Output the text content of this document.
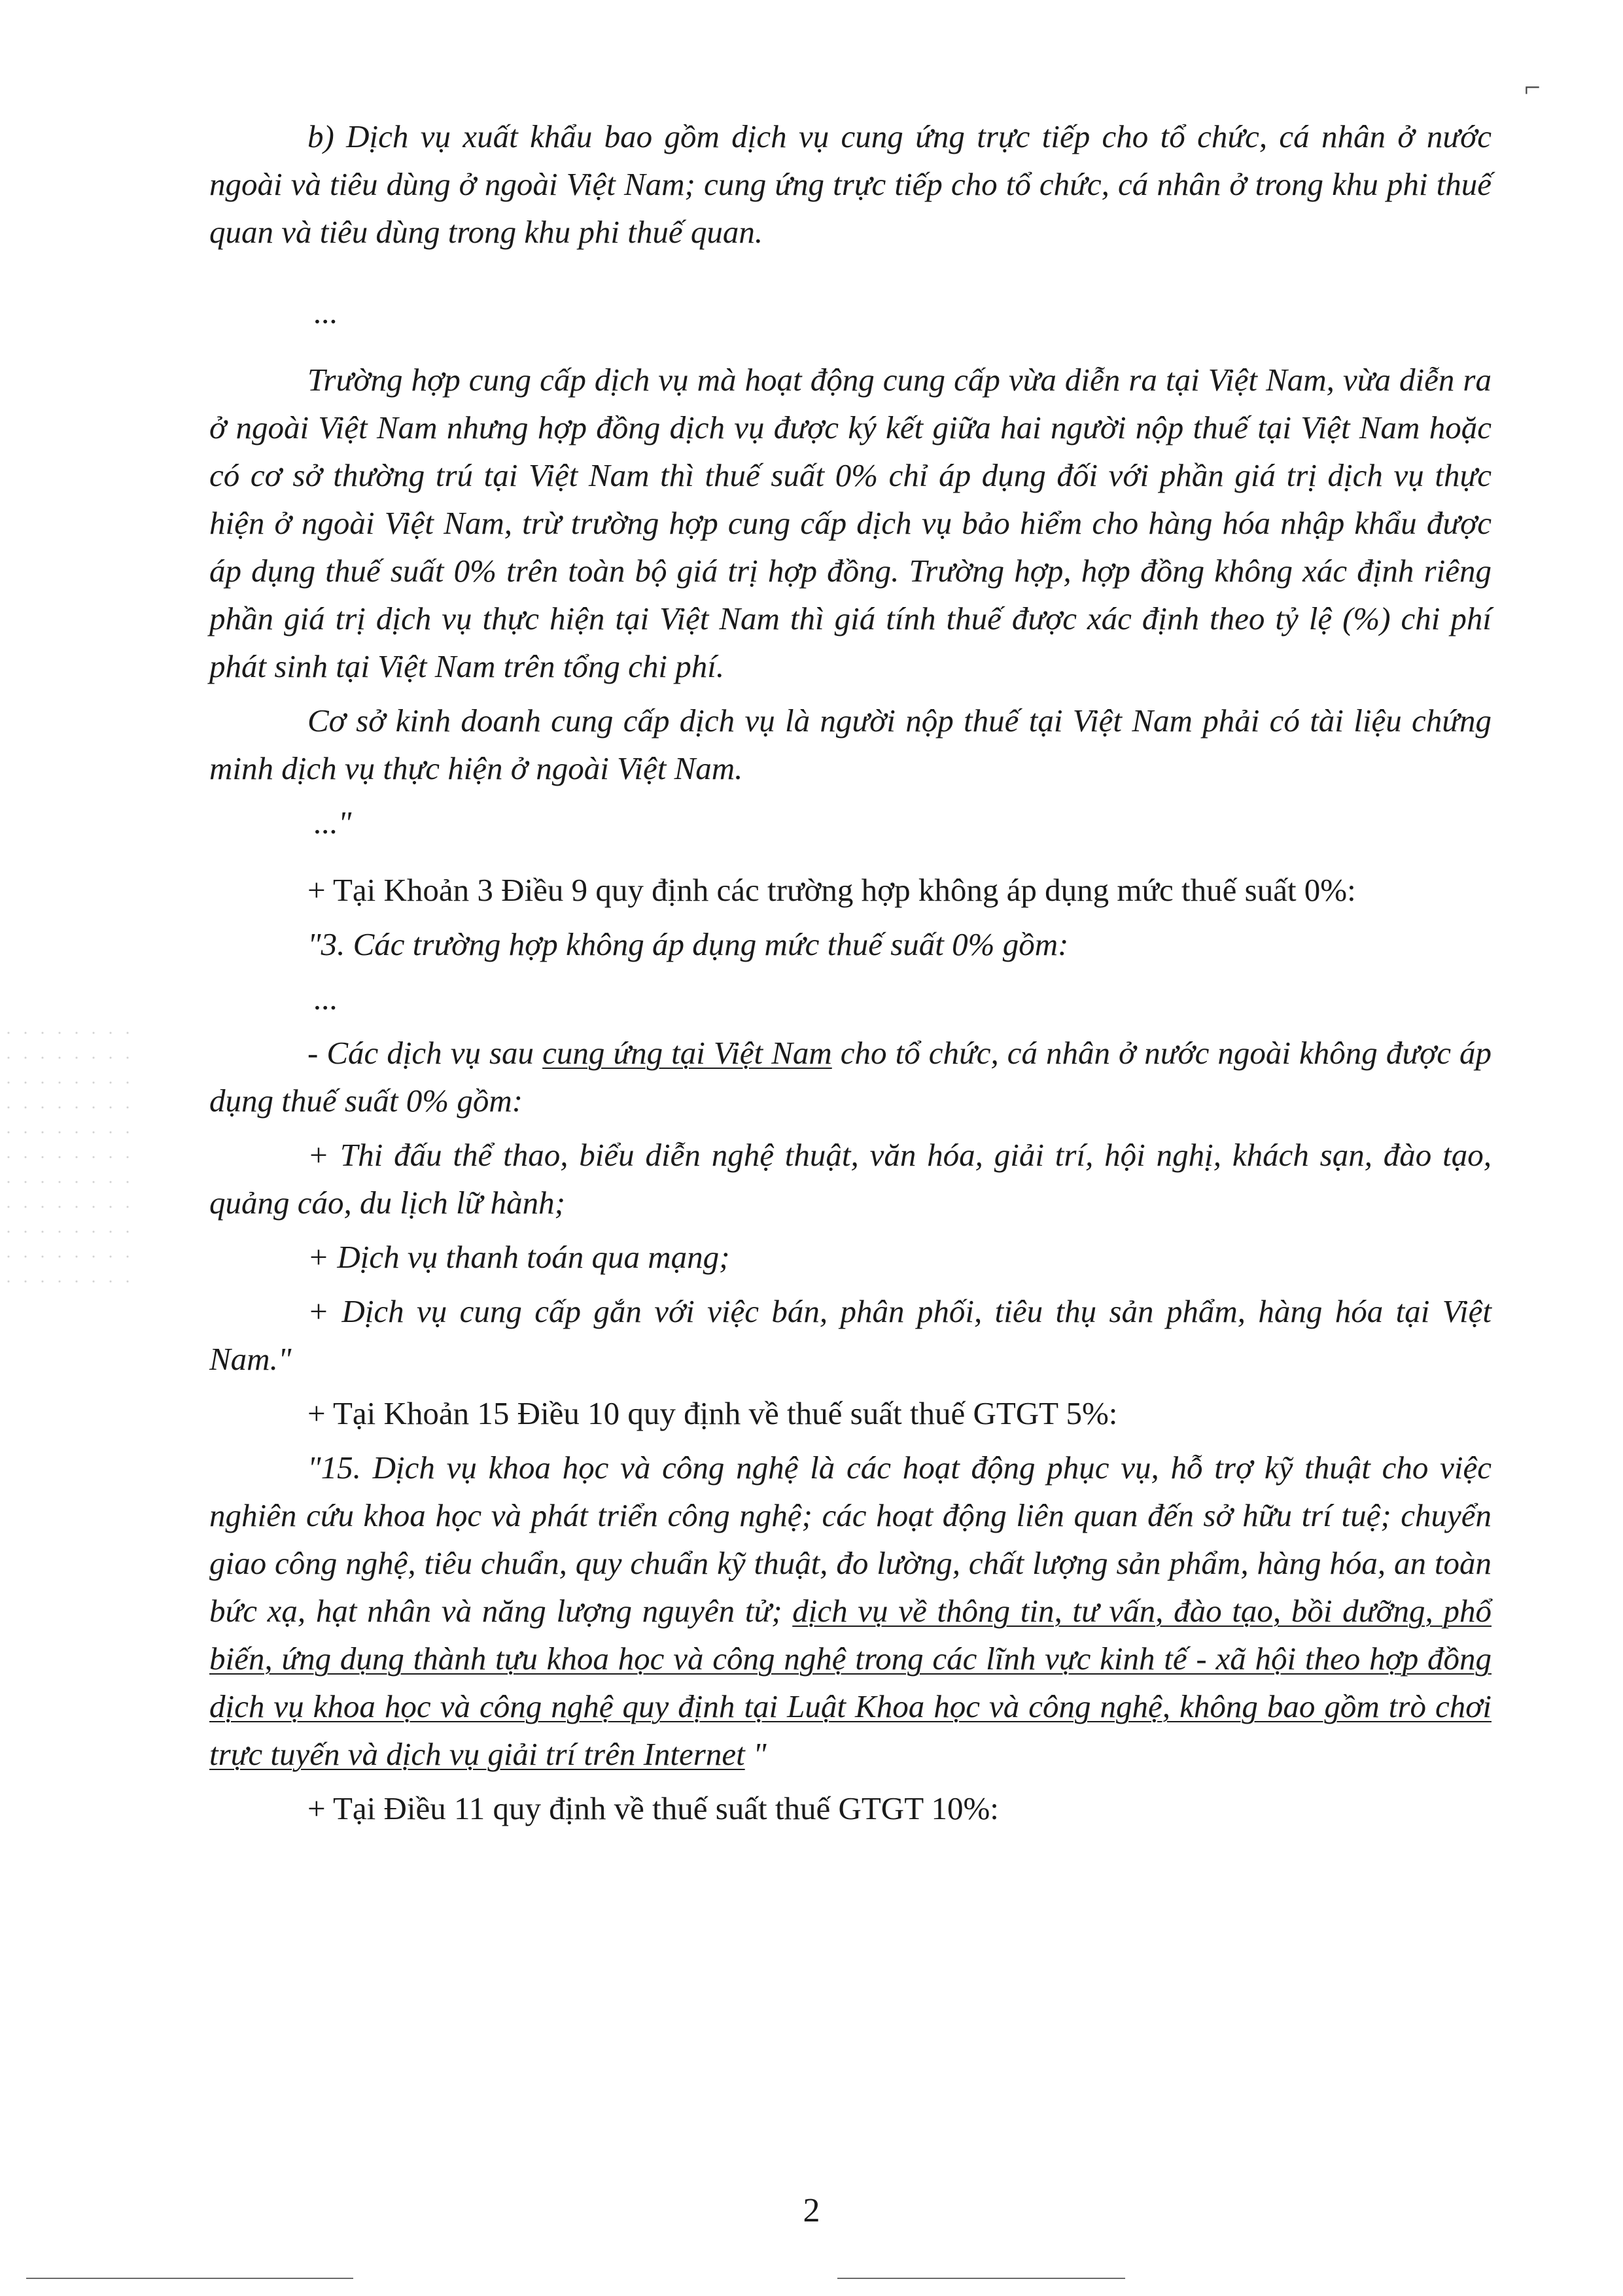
⌐

b) Dịch vụ xuất khẩu bao gồm dịch vụ cung ứng trực tiếp cho tổ chức, cá nhân ở nước ngoài và tiêu dùng ở ngoài Việt Nam; cung ứng trực tiếp cho tổ chức, cá nhân ở trong khu phi thuế quan và tiêu dùng trong khu phi thuế quan.

...

Trường hợp cung cấp dịch vụ mà hoạt động cung cấp vừa diễn ra tại Việt Nam, vừa diễn ra ở ngoài Việt Nam nhưng hợp đồng dịch vụ được ký kết giữa hai người nộp thuế tại Việt Nam hoặc có cơ sở thường trú tại Việt Nam thì thuế suất 0% chỉ áp dụng đối với phần giá trị dịch vụ thực hiện ở ngoài Việt Nam, trừ trường hợp cung cấp dịch vụ bảo hiểm cho hàng hóa nhập khẩu được áp dụng thuế suất 0% trên toàn bộ giá trị hợp đồng. Trường hợp, hợp đồng không xác định riêng phần giá trị dịch vụ thực hiện tại Việt Nam thì giá tính thuế được xác định theo tỷ lệ (%) chi phí phát sinh tại Việt Nam trên tổng chi phí.

Cơ sở kinh doanh cung cấp dịch vụ là người nộp thuế tại Việt Nam phải có tài liệu chứng minh dịch vụ thực hiện ở ngoài Việt Nam.

..."

+ Tại Khoản 3 Điều 9 quy định các trường hợp không áp dụng mức thuế suất 0%:

"3. Các trường hợp không áp dụng mức thuế suất 0% gồm:

...

- Các dịch vụ sau cung ứng tại Việt Nam cho tổ chức, cá nhân ở nước ngoài không được áp dụng thuế suất 0% gồm:

+ Thi đấu thể thao, biểu diễn nghệ thuật, văn hóa, giải trí, hội nghị, khách sạn, đào tạo, quảng cáo, du lịch lữ hành;

+ Dịch vụ thanh toán qua mạng;

+ Dịch vụ cung cấp gắn với việc bán, phân phối, tiêu thụ sản phẩm, hàng hóa tại Việt Nam."

+ Tại Khoản 15 Điều 10 quy định về thuế suất thuế GTGT 5%:

"15. Dịch vụ khoa học và công nghệ là các hoạt động phục vụ, hỗ trợ kỹ thuật cho việc nghiên cứu khoa học và phát triển công nghệ; các hoạt động liên quan đến sở hữu trí tuệ; chuyển giao công nghệ, tiêu chuẩn, quy chuẩn kỹ thuật, đo lường, chất lượng sản phẩm, hàng hóa, an toàn bức xạ, hạt nhân và năng lượng nguyên tử; dịch vụ về thông tin, tư vấn, đào tạo, bồi dưỡng, phổ biến, ứng dụng thành tựu khoa học và công nghệ trong các lĩnh vực kinh tế - xã hội theo hợp đồng dịch vụ khoa học và công nghệ quy định tại Luật Khoa học và công nghệ, không bao gồm trò chơi trực tuyến và dịch vụ giải trí trên Internet "

+ Tại Điều 11 quy định về thuế suất thuế GTGT 10%:

2
